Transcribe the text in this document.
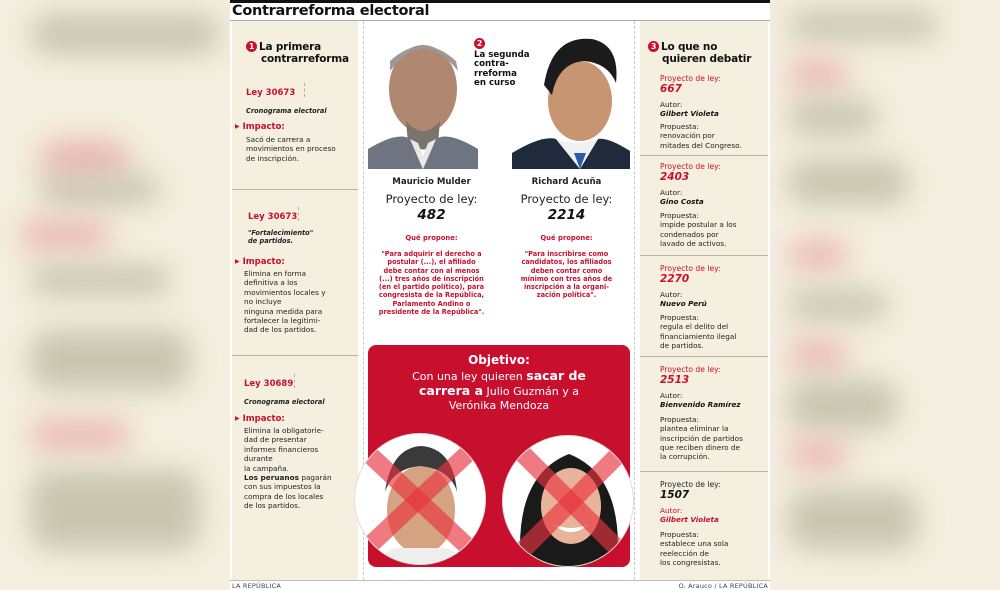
Contrarreforma electoral
1 La primera
contrarreforma
Ley 30673
Cronograma electoral
▶ Impacto:
Sacó de carrera a
movimientos en proceso
de inscripción.
Ley 30673
"Fortalecimiento"
de partidos.
▶ Impacto:
Elimina en forma
definitiva a los
movimientos locales y
no incluye
ninguna medida para
fortalecer la legitimi-
dad de los partidos.
Ley 30689
Cronograma electoral
▶ Impacto:
Elimina la obligatorie-
dad de presentar
informes financieros
durante
la campaña.
Los peruanos pagarán
con sus impuestos la
compra de los locales
de los partidos.
2
La segunda
contra-
rreforma
en curso
Mauricio Mulder
Proyecto de ley:
482
Qué propone:
"Para adquirir el derecho a
postular (...), el afiliado
debe contar con al menos
(...) tres años de inscripción
(en el partido político), para
congresista de la República,
Parlamento Andino o
presidente de la República".
Richard Acuña
Proyecto de ley:
2214
Qué propone:
"Para inscribirse como
candidatos, los afiliados
deben contar como
mínimo con tres años de
inscripción a la organi-
zación política".
Objetivo:
Con una ley quieren sacar de
carrera a Julio Guzmán y a
Verónika Mendoza
3 Lo que no
quieren debatir
Proyecto de ley:
667
Autor:
Gilbert Violeta
Propuesta:
renovación por
mitades del Congreso.
Proyecto de ley:
2403
Autor:
Gino Costa
Propuesta:
impide postular a los
condenados por
lavado de activos.
Proyecto de ley:
2270
Autor:
Nuevo Perú
Propuesta:
regula el delito del
financiamiento ilegal
de partidos.
Proyecto de ley:
2513
Autor:
Bienvenido Ramírez
Propuesta:
plantea eliminar la
inscripción de partidos
que reciben dinero de
la corrupción.
Proyecto de ley:
1507
Autor:
Gilbert Violeta
Propuesta:
establece una sola
reelección de
los congresistas.
LA REPÚBLICA	O. Arauco / LA REPÚBLICA
